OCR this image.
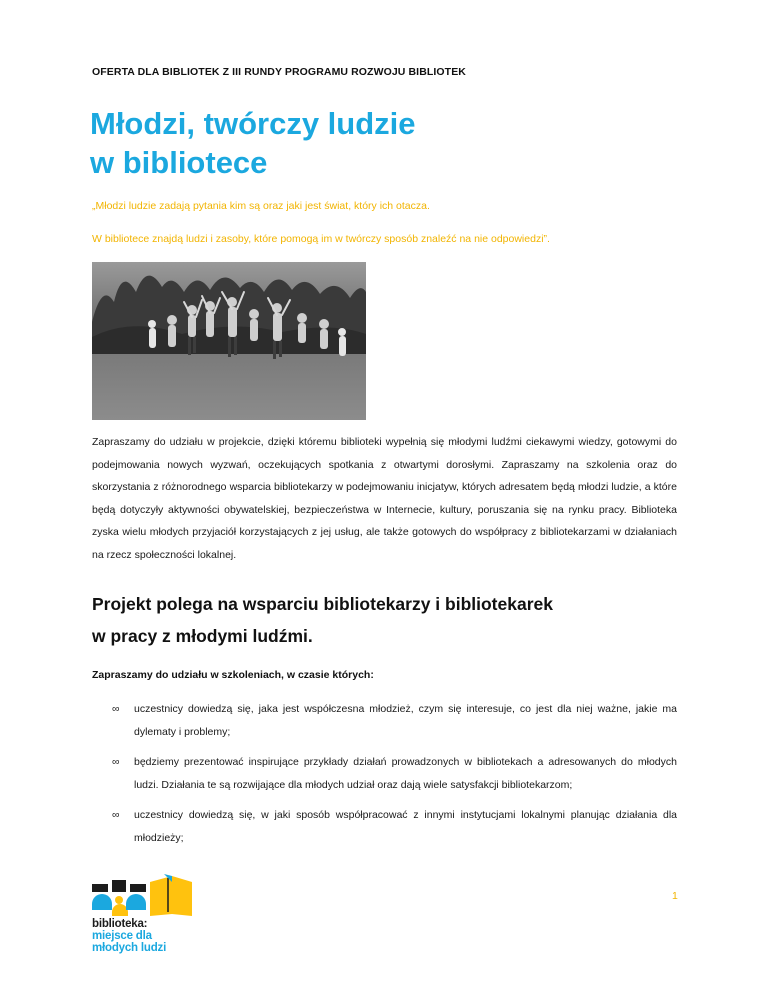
OFERTA DLA BIBLIOTEK Z III RUNDY PROGRAMU ROZWOJU BIBLIOTEK
Młodzi, twórczy ludzie
w bibliotece
„Młodzi ludzie zadają pytania kim są oraz jaki jest świat, który ich otacza.
W bibliotece znajdą ludzi i zasoby, które pomogą im w twórczy sposób znaleźć na nie odpowiedzi”.
Zapraszamy do udziału w projekcie, dzięki któremu biblioteki wypełnią się młodymi ludźmi ciekawymi wiedzy, gotowymi do podejmowania nowych wyzwań, oczekujących spotkania z otwartymi dorosłymi. Zapraszamy na szkolenia oraz do skorzystania z różnorodnego wsparcia bibliotekarzy w podejmowaniu inicjatyw, których adresatem będą młodzi ludzie, a które będą dotyczyły aktywności obywatelskiej, bezpieczeństwa w Internecie, kultury, poruszania się na rynku pracy. Biblioteka zyska wielu młodych przyjaciół korzystających z jej usług, ale także gotowych do współpracy z bibliotekarzami w działaniach na rzecz społeczności lokalnej.
Projekt polega na wsparciu bibliotekarzy i bibliotekarek
w pracy z młodymi ludźmi.
Zapraszamy do udziału w szkoleniach, w czasie których:
∞ uczestnicy dowiedzą się, jaka jest współczesna młodzież, czym się interesuje, co jest dla niej ważne, jakie ma dylematy i problemy;
∞ będziemy prezentować inspirujące przykłady działań prowadzonych w bibliotekach a adresowanych do młodych ludzi. Działania te są rozwijające dla młodych udział oraz dają wiele satysfakcji bibliotekarzom;
∞ uczestnicy dowiedzą się, w jaki sposób współpracować z innymi instytucjami lokalnymi planując działania dla młodzieży;
1
biblioteka:
miejsce dla
młodych ludzi
